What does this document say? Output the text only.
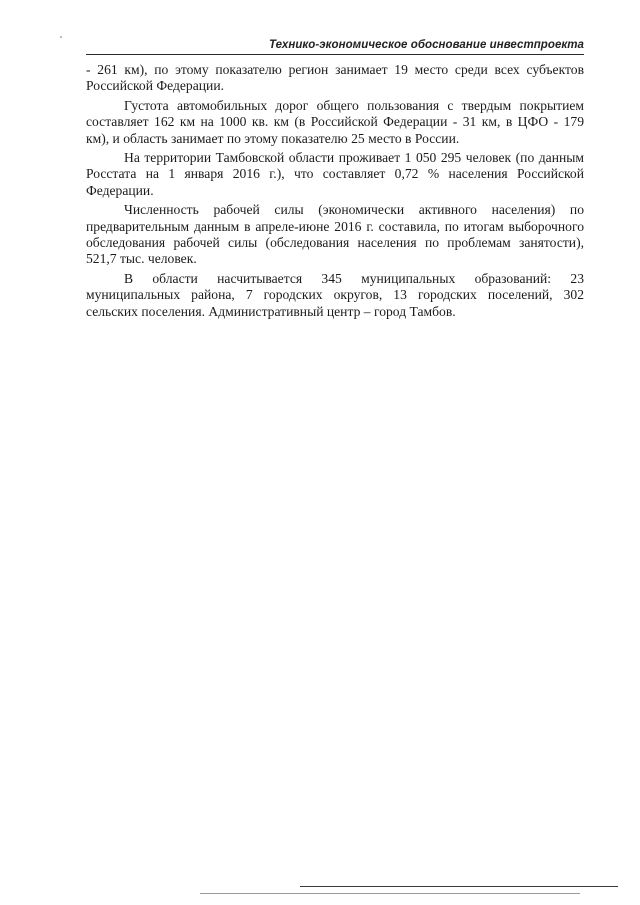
Технико-экономическое обоснование инвестпроекта

- 261 км), по этому показателю регион занимает 19 место среди всех субъектов
Российской Федерации.

Густота автомобильных дорог общего пользования с твердым покрытием
составляет 162 км на 1000 кв. км (в Российской Федерации - 31 км, в ЦФО - 179
км), и область занимает по этому показателю 25 место в России.

На территории Тамбовской области проживает 1 050 295 человек (по данным
Росстата на 1 января 2016 г.), что составляет 0,72 % населения Российской
Федерации.

Численность рабочей силы (экономически активного населения) по
предварительным данным в апреле-июне 2016 г. составила, по итогам выборочного
обследования рабочей силы (обследования населения по проблемам занятости),
521,7 тыс. человек.

В области насчитывается 345 муниципальных образований: 23
муниципальных района, 7 городских округов, 13 городских поселений, 302
сельских поселения. Административный центр – город Тамбов.
